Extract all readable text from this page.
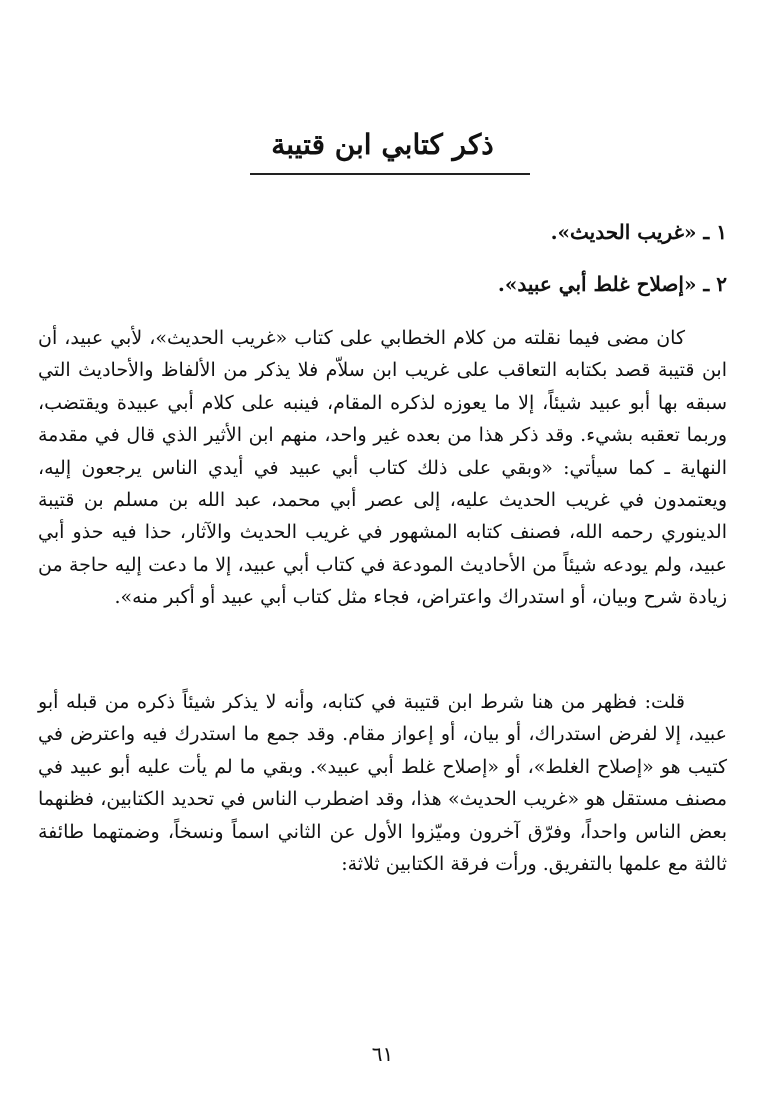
ذكر كتابي ابن قتيبة
١ ـ «غريب الحديث».
٢ ـ «إصلاح غلط أبي عبيد».

كان مضى فيما نقلته من كلام الخطابي على كتاب «غريب الحديث»، لأبي عبيد، أن ابن قتيبة قصد بكتابه التعاقب على غريب ابن سلاّم فلا يذكر من الألفاظ والأحاديث التي سبقه بها أبو عبيد شيئاً، إلا ما يعوزه لذكره المقام، فينبه على كلام أبي عبيدة ويقتضب، وربما تعقبه بشيء. وقد ذكر هذا من بعده غير واحد، منهم ابن الأثير الذي قال في مقدمة النهاية ـ كما سيأتي: «وبقي على ذلك كتاب أبي عبيد في أيدي الناس يرجعون إليه، ويعتمدون في غريب الحديث عليه، إلى عصر أبي محمد، عبد الله بن مسلم بن قتيبة الدينوري رحمه الله، فصنف كتابه المشهور في غريب الحديث والآثار، حذا فيه حذو أبي عبيد، ولم يودعه شيئاً من الأحاديث المودعة في كتاب أبي عبيد، إلا ما دعت إليه حاجة من زيادة شرح وبيان، أو استدراك واعتراض، فجاء مثل كتاب أبي عبيد أو أكبر منه».

قلت: فظهر من هنا شرط ابن قتيبة في كتابه، وأنه لا يذكر شيئاً ذكره من قبله أبو عبيد، إلا لفرض استدراك، أو بيان، أو إعواز مقام. وقد جمع ما استدرك فيه واعترض في كتيب هو «إصلاح الغلط»، أو «إصلاح غلط أبي عبيد». وبقي ما لم يأت عليه أبو عبيد في مصنف مستقل هو «غريب الحديث» هذا، وقد اضطرب الناس في تحديد الكتابين، فظنهما بعض الناس واحداً، وفرّق آخرون وميّزوا الأول عن الثاني اسماً ونسخاً، وضمتهما طائفة ثالثة مع علمها بالتفريق. ورأت فرقة الكتابين ثلاثة:

٦١
